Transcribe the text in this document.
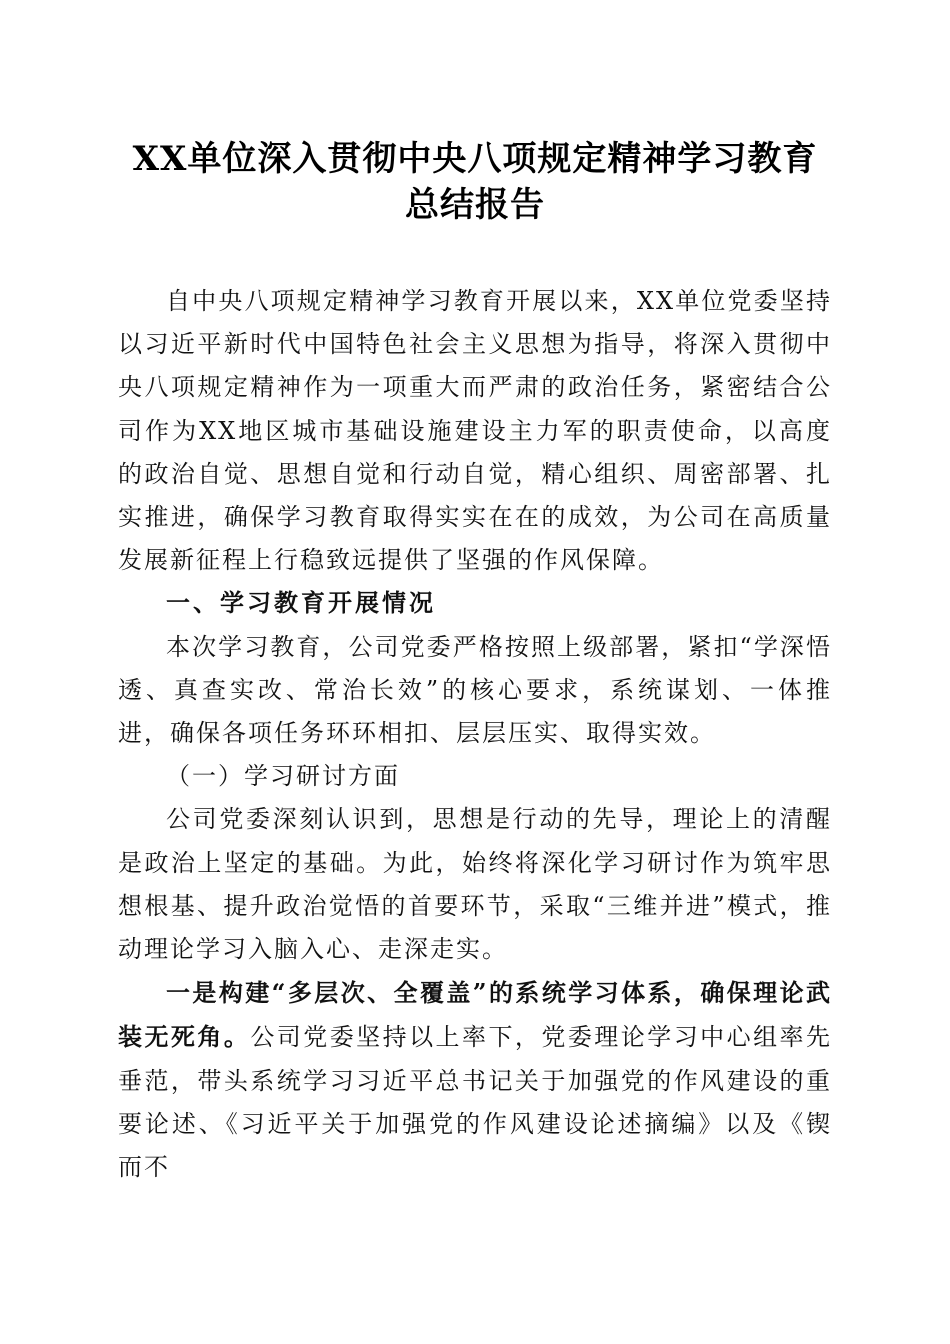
XX单位深入贯彻中央八项规定精神学习教育
总结报告

自中央八项规定精神学习教育开展以来，XX单位党委坚持以习近平新时代中国特色社会主义思想为指导，将深入贯彻中央八项规定精神作为一项重大而严肃的政治任务，紧密结合公司作为XX地区城市基础设施建设主力军的职责使命，以高度的政治自觉、思想自觉和行动自觉，精心组织、周密部署、扎实推进，确保学习教育取得实实在在的成效，为公司在高质量发展新征程上行稳致远提供了坚强的作风保障。

一、学习教育开展情况

本次学习教育，公司党委严格按照上级部署，紧扣“学深悟透、真查实改、常治长效”的核心要求，系统谋划、一体推进，确保各项任务环环相扣、层层压实、取得实效。

（一）学习研讨方面

公司党委深刻认识到，思想是行动的先导，理论上的清醒是政治上坚定的基础。为此，始终将深化学习研讨作为筑牢思想根基、提升政治觉悟的首要环节，采取“三维并进”模式，推动理论学习入脑入心、走深走实。

一是构建“多层次、全覆盖”的系统学习体系，确保理论武装无死角。公司党委坚持以上率下，党委理论学习中心组率先垂范，带头系统学习习近平总书记关于加强党的作风建设的重要论述、《习近平关于加强党的作风建设论述摘编》以及《锲而不
